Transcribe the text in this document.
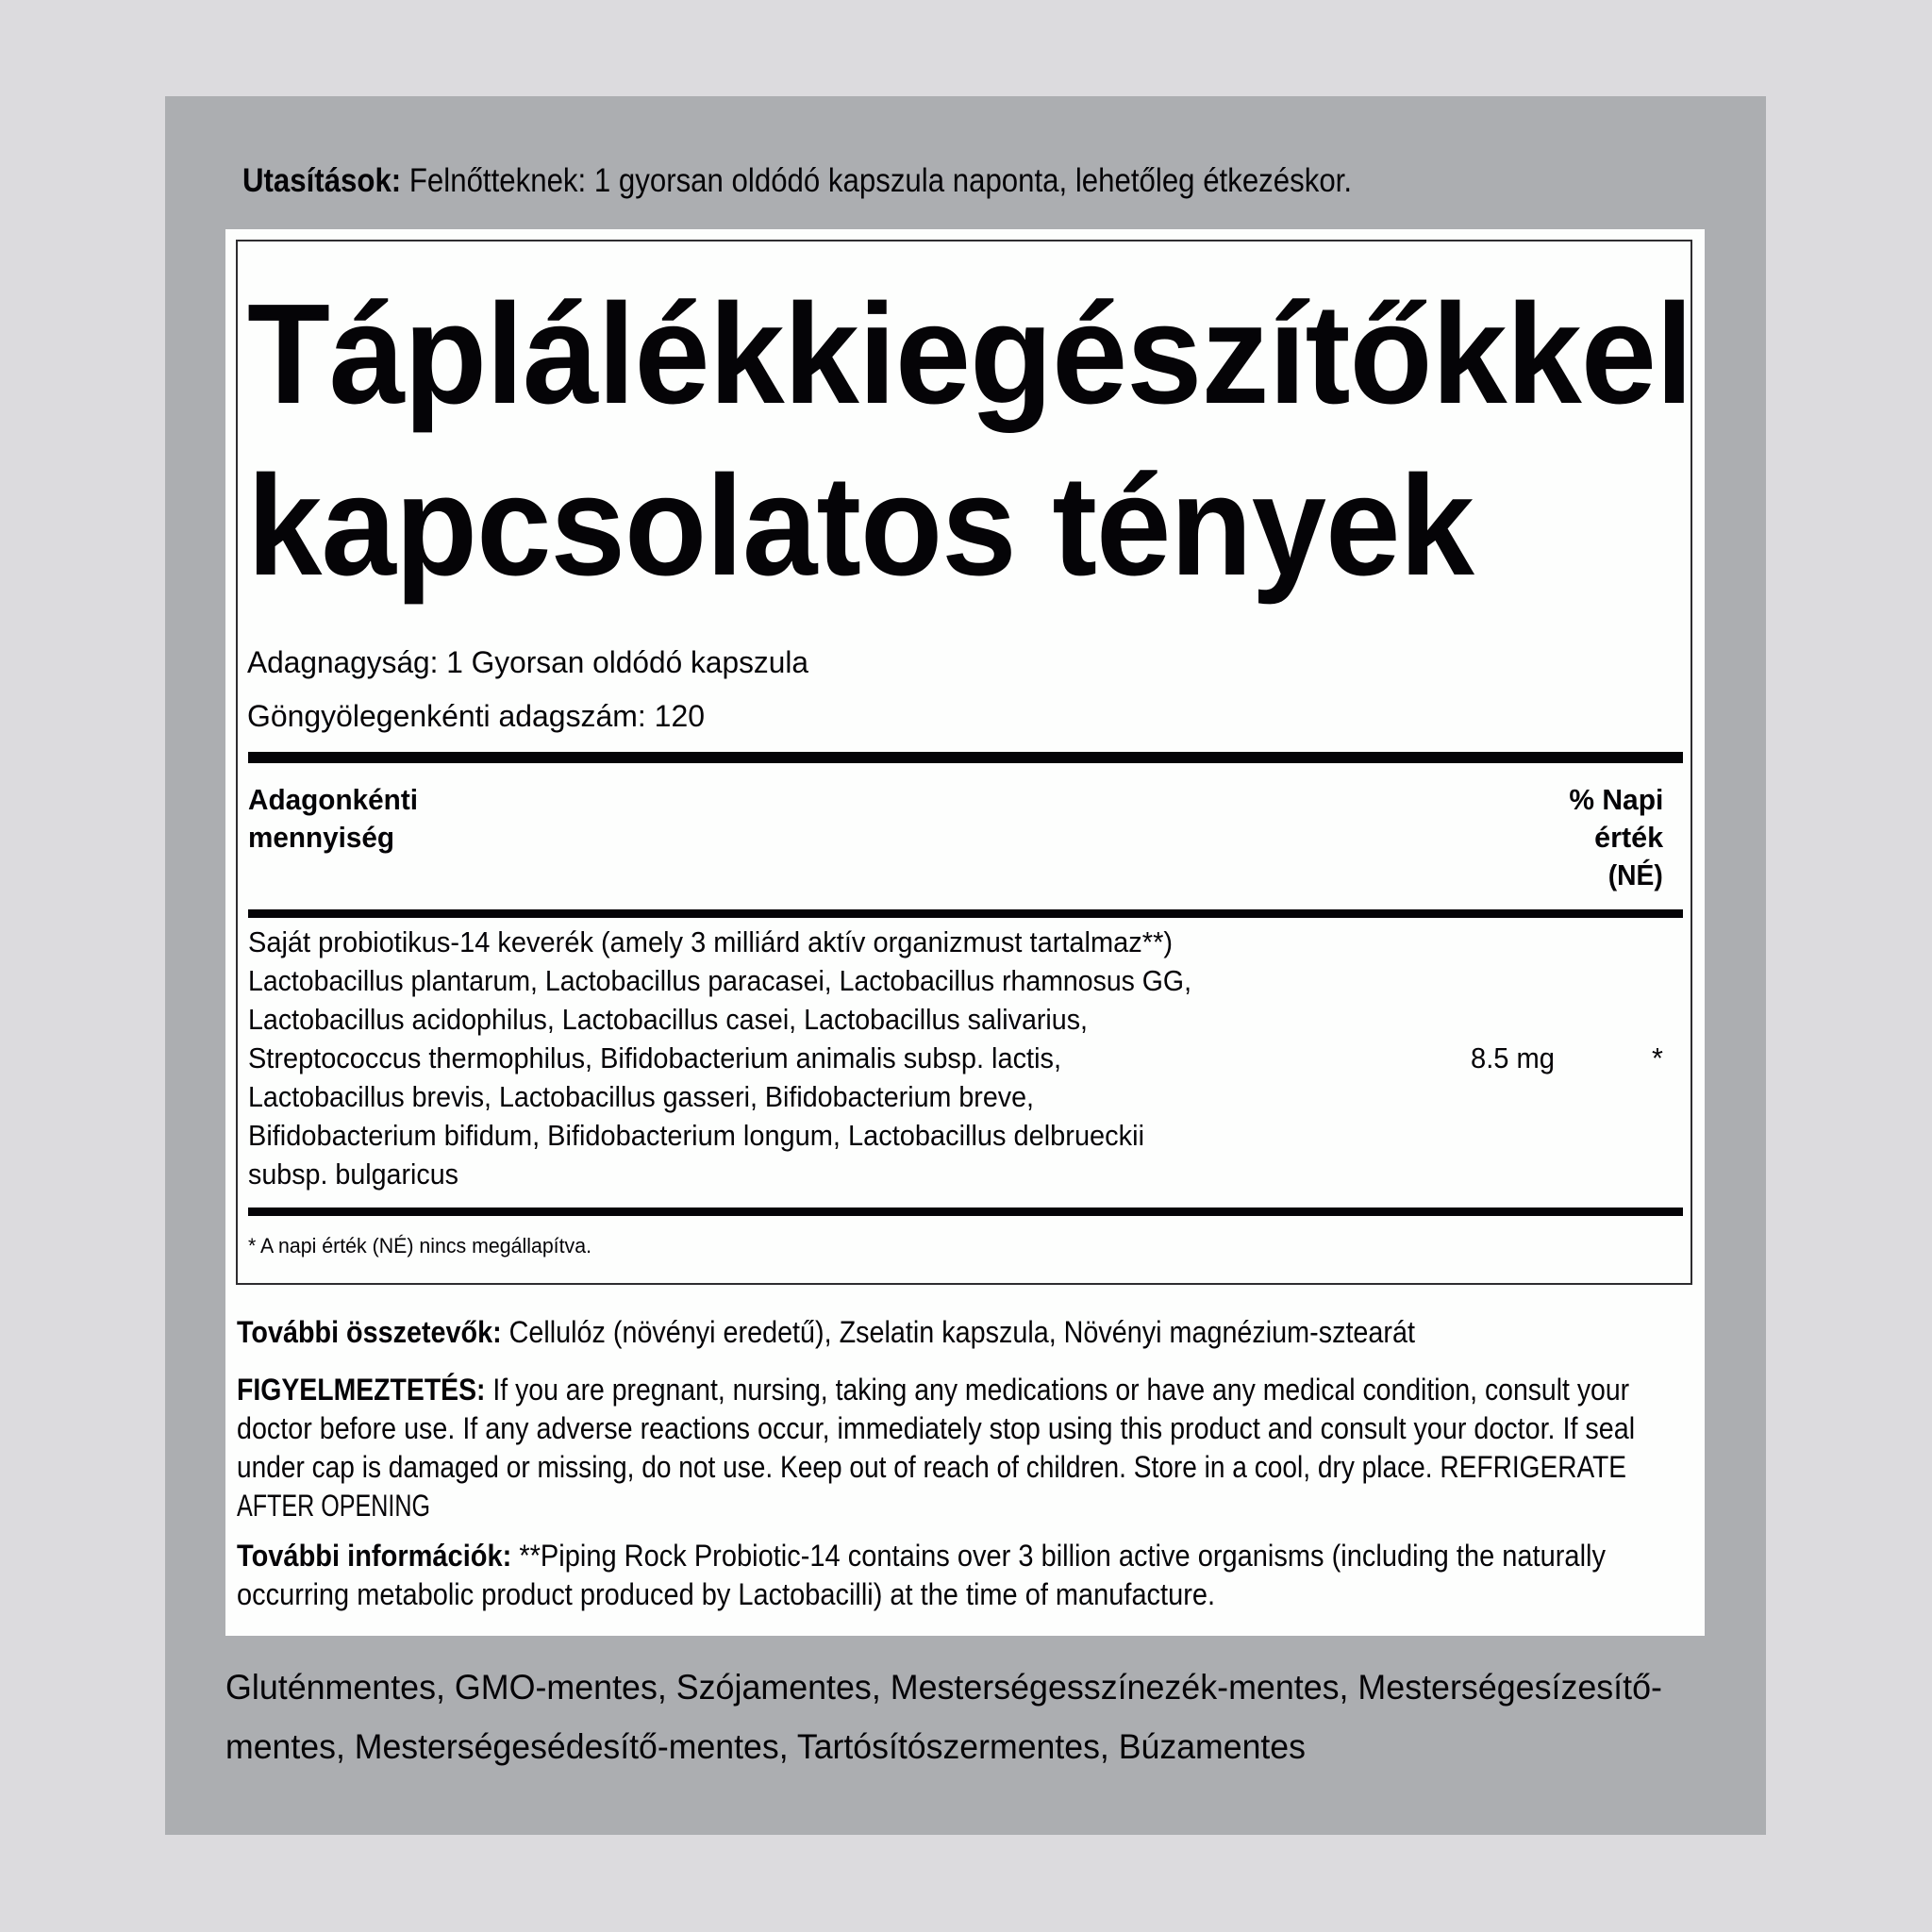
Utasítások: Felnőtteknek: 1 gyorsan oldódó kapszula naponta, lehetőleg étkezéskor.
Táplálékkiegészítőkkel
kapcsolatos tények
Adagnagyság: 1 Gyorsan oldódó kapszula
Göngyölegenkénti adagszám: 120
Adagonkénti
mennyiség
% Napi
érték
(NÉ)
Saját probiotikus-14 keverék (amely 3 milliárd aktív organizmust tartalmaz**)
Lactobacillus plantarum, Lactobacillus paracasei, Lactobacillus rhamnosus GG,
Lactobacillus acidophilus, Lactobacillus casei, Lactobacillus salivarius,
Streptococcus thermophilus, Bifidobacterium animalis subsp. lactis,
Lactobacillus brevis, Lactobacillus gasseri, Bifidobacterium breve,
Bifidobacterium bifidum, Bifidobacterium longum, Lactobacillus delbrueckii
subsp. bulgaricus
8.5 mg	*
* A napi érték (NÉ) nincs megállapítva.
További összetevők: Cellulóz (növényi eredetű), Zselatin kapszula, Növényi magnézium-sztearát
FIGYELMEZTETÉS: If you are pregnant, nursing, taking any medications or have any medical condition, consult your
doctor before use. If any adverse reactions occur, immediately stop using this product and consult your doctor. If seal
under cap is damaged or missing, do not use. Keep out of reach of children. Store in a cool, dry place. REFRIGERATE
AFTER OPENING
További információk: **Piping Rock Probiotic-14 contains over 3 billion active organisms (including the naturally
occurring metabolic product produced by Lactobacilli) at the time of manufacture.
Gluténmentes, GMO-mentes, Szójamentes, Mesterségesszínezék-mentes, Mesterségesízesítő-
mentes, Mesterségesédesítő-mentes, Tartósítószermentes, Búzamentes
